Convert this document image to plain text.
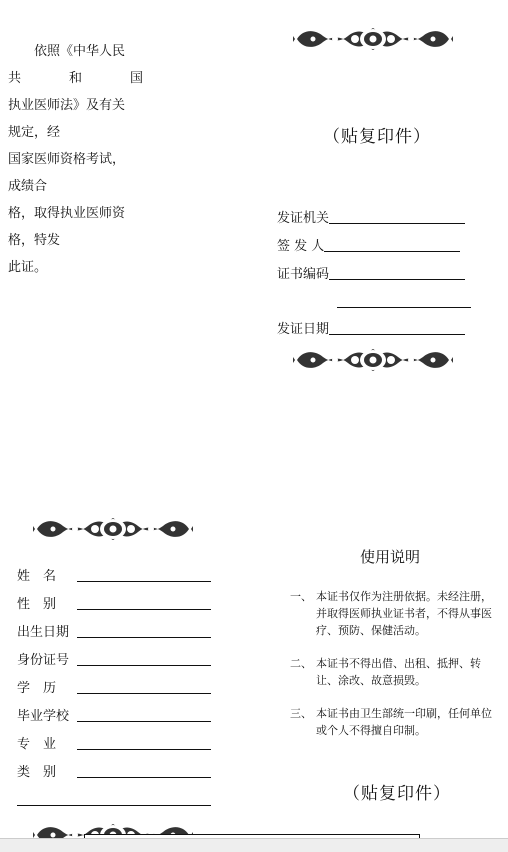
　　依照《中华人民
共	和	国
执业医师法》及有关
规定，经
国家医师资格考试，
成绩合
格，取得执业医师资
格，特发
此证。
（贴复印件）
发证机关
签 发 人
证书编码
发证日期
姓　名
性　别
出生日期
身份证号
学　历
毕业学校
专　业
类　别
使用说明
一、 本证书仅作为注册依据。未经注册，并取得医师执业证书者，不得从事医疗、预防、保健活动。
二、 本证书不得出借、出租、抵押、转让、涂改、故意损毁。
三、 本证书由卫生部统一印刷，任何单位或个人不得擅自印制。
（贴复印件）
